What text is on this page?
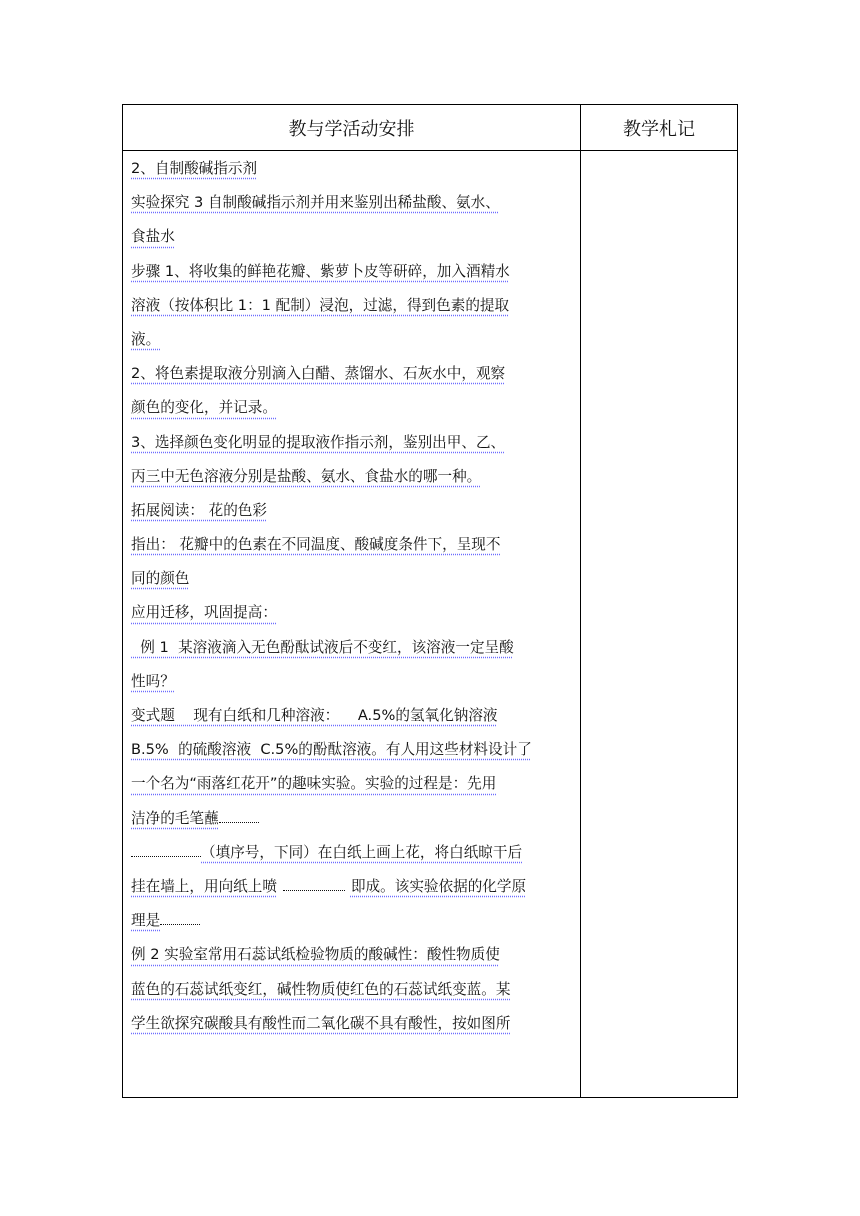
教与学活动安排	教学札记
2、自制酸碱指示剂
实验探究 3 自制酸碱指示剂并用来鉴别出稀盐酸、氨水、
食盐水
步骤 1、将收集的鲜艳花瓣、紫萝卜皮等研碎，加入酒精水
溶液（按体积比 1：1 配制）浸泡，过滤，得到色素的提取
液。
2、将色素提取液分别滴入白醋、蒸馏水、石灰水中，观察
颜色的变化，并记录。
3、选择颜色变化明显的提取液作指示剂，鉴别出甲、乙、
丙三中无色溶液分别是盐酸、氨水、食盐水的哪一种。
拓展阅读： 花的色彩
指出： 花瓣中的色素在不同温度、酸碱度条件下，呈现不
同的颜色
应用迁移，巩固提高：
例 1  某溶液滴入无色酚酞试液后不变红，该溶液一定呈酸
性吗？
变式题    现有白纸和几种溶液：    A.5%的氢氧化钠溶液
B.5%  的硫酸溶液  C.5%的酚酞溶液。有人用这些材料设计了
一个名为“雨落红花开”的趣味实验。实验的过程是：先用
洁净的毛笔蘸
（填序号，下同）在白纸上画上花，将白纸晾干后
挂在墙上，用向纸上喷	即成。该实验依据的化学原
理是
例 2 实验室常用石蕊试纸检验物质的酸碱性：酸性物质使
蓝色的石蕊试纸变红，碱性物质使红色的石蕊试纸变蓝。某
学生欲探究碳酸具有酸性而二氧化碳不具有酸性，按如图所
